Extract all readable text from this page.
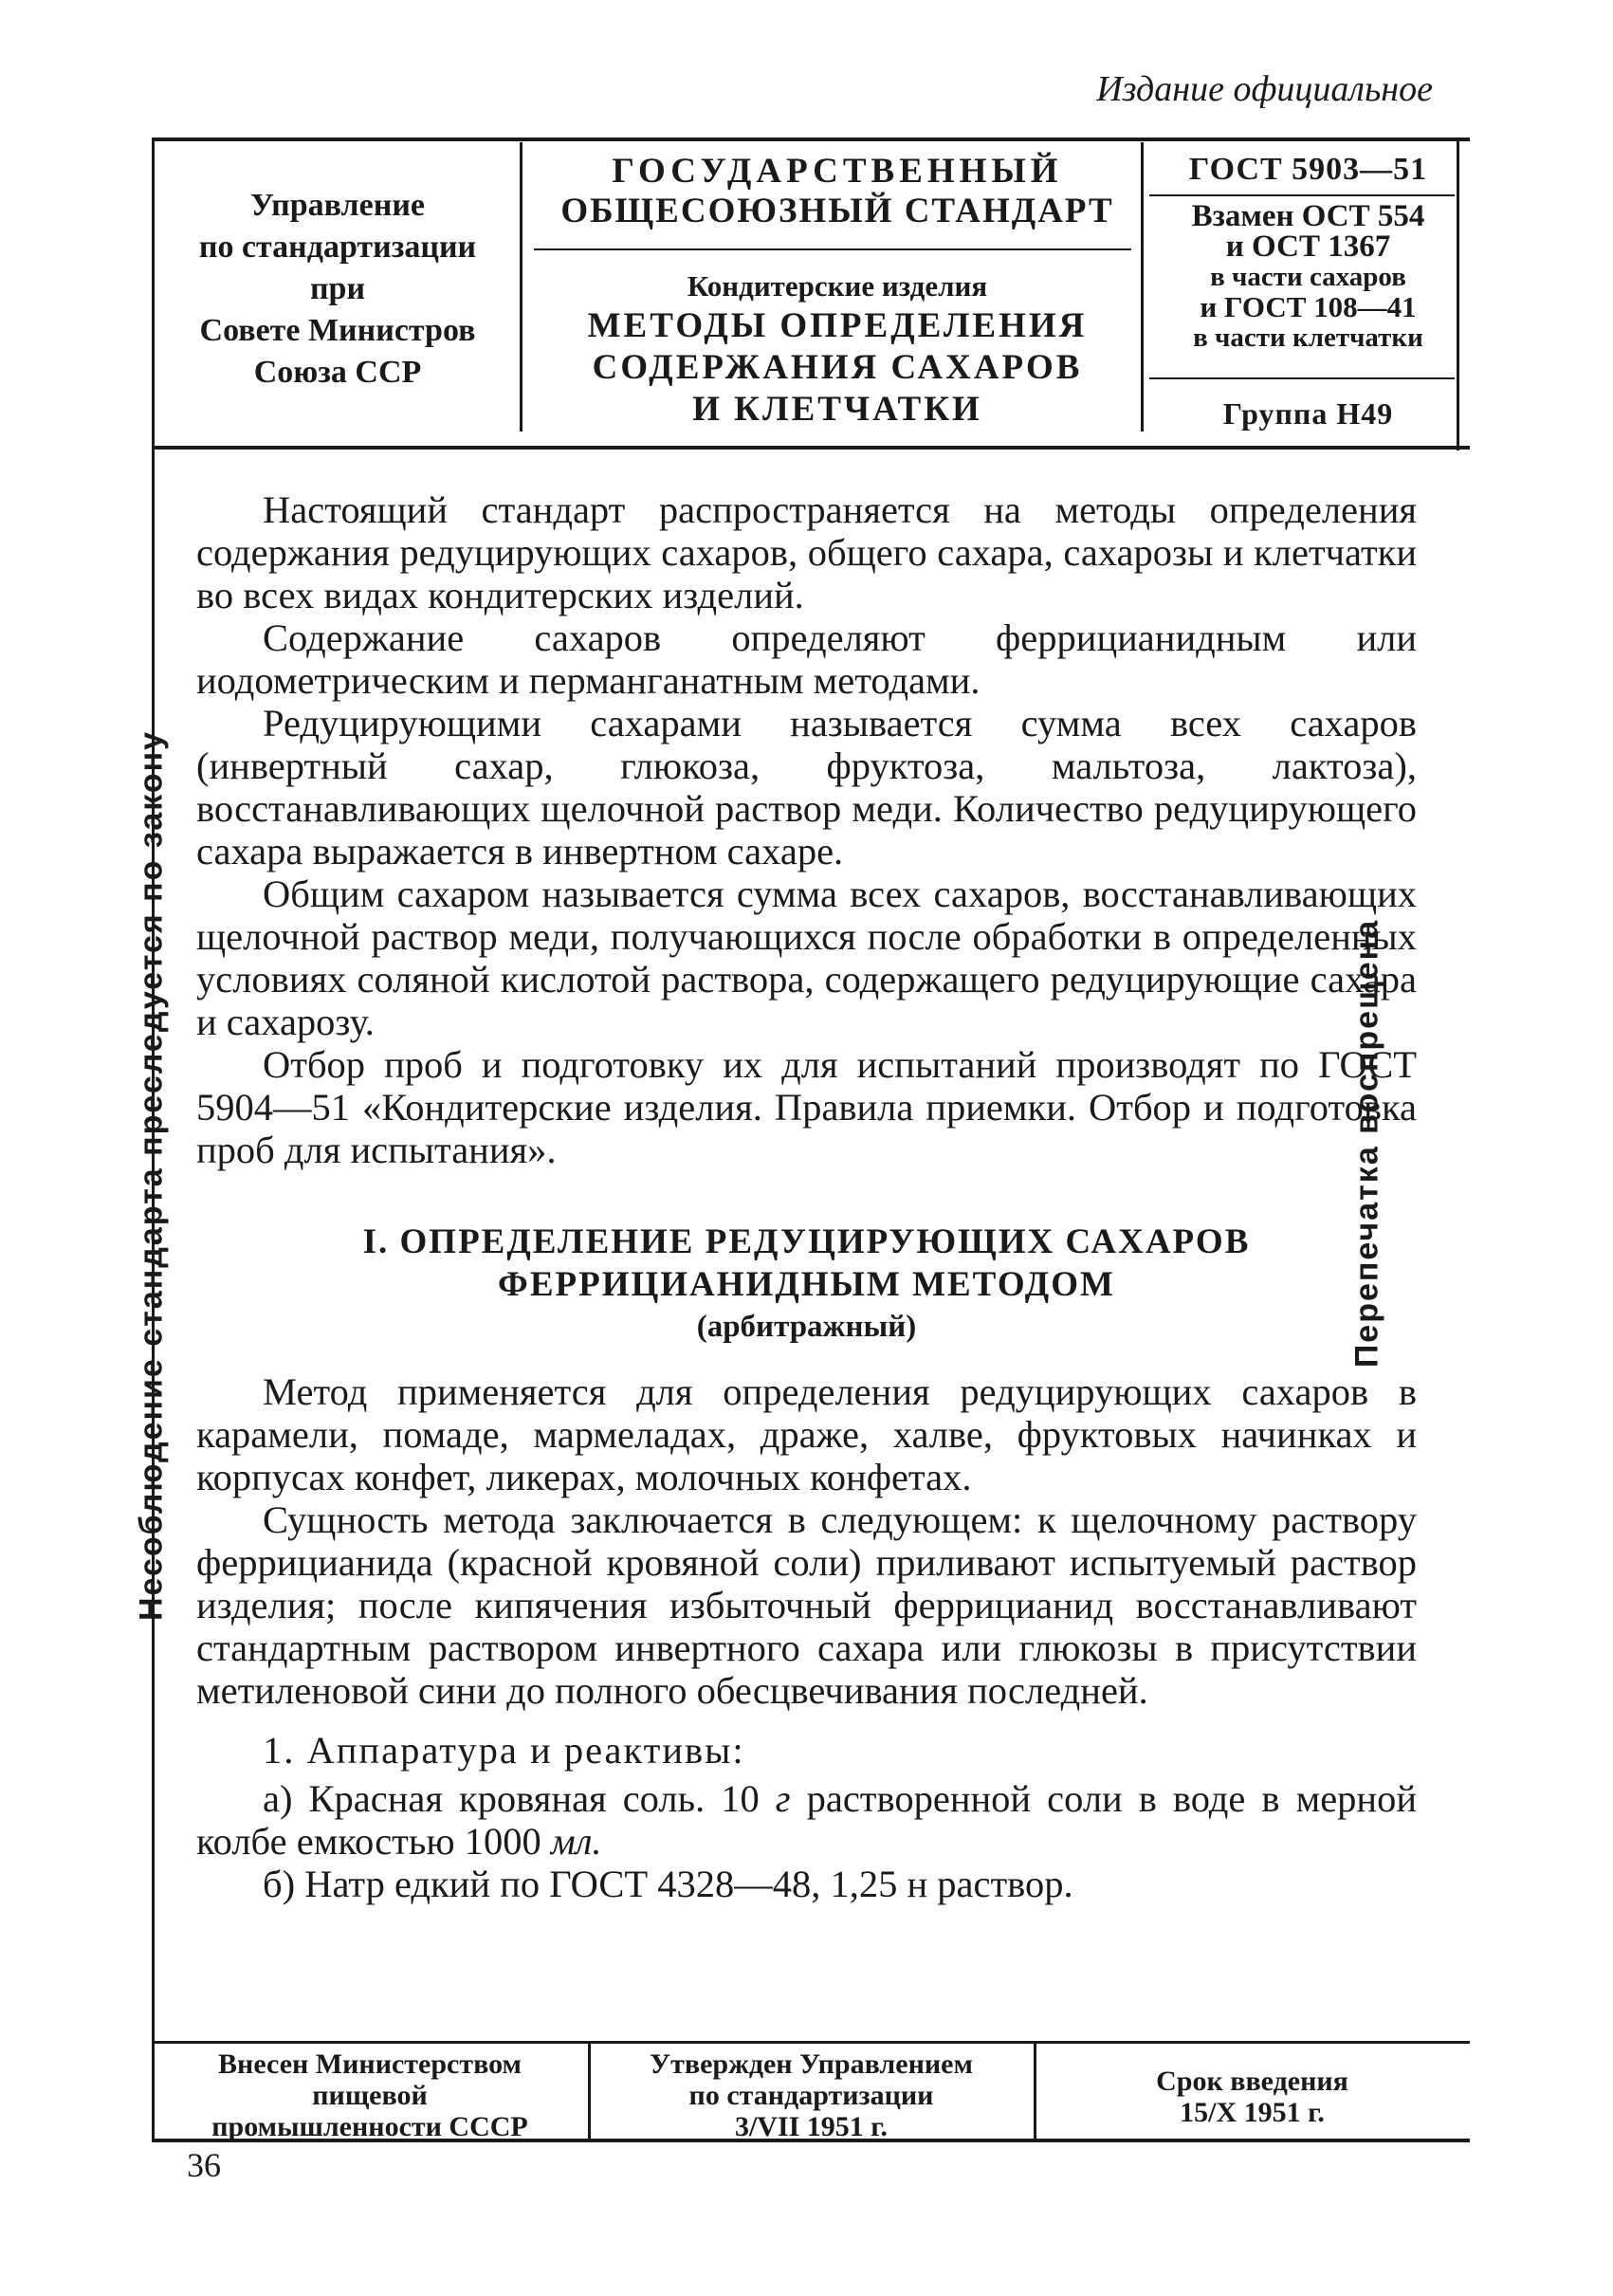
Издание официальное
Управление
по стандартизации
при
Совете Министров
Союза ССР
ГОСУДАРСТВЕННЫЙ
ОБЩЕСОЮЗНЫЙ СТАНДАРТ
Кондитерские изделия
МЕТОДЫ ОПРЕДЕЛЕНИЯ
СОДЕРЖАНИЯ САХАРОВ
И КЛЕТЧАТКИ
ГОСТ 5903—51
Взамен ОСТ 554
и ОСТ 1367
в части сахаров
и ГОСТ 108—41
в части клетчатки
Группа Н49

Настоящий стандарт распространяется на методы определения содержания редуцирующих сахаров, общего сахара, сахарозы и клетчатки во всех видах кондитерских изделий.

Содержание сахаров определяют феррицианидным или иодометрическим и перманганатным методами.

Редуцирующими сахарами называется сумма всех сахаров (инвертный сахар, глюкоза, фруктоза, мальтоза, лактоза), восстанавливающих щелочной раствор меди. Количество редуцирующего сахара выражается в инвертном сахаре.

Общим сахаром называется сумма всех сахаров, восстанавливающих щелочной раствор меди, получающихся после обработки в определенных условиях соляной кислотой раствора, содержащего редуцирующие сахара и сахарозу.

Отбор проб и подготовку их для испытаний производят по ГОСТ 5904—51 «Кондитерские изделия. Правила приемки. Отбор и подготовка проб для испытания».

I. ОПРЕДЕЛЕНИЕ РЕДУЦИРУЮЩИХ САХАРОВ
ФЕРРИЦИАНИДНЫМ МЕТОДОМ
(арбитражный)

Метод применяется для определения редуцирующих сахаров в карамели, помаде, мармеладах, драже, халве, фруктовых начинках и корпусах конфет, ликерах, молочных конфетах.

Сущность метода заключается в следующем: к щелочному раствору феррицианида (красной кровяной соли) приливают испытуемый раствор изделия; после кипячения избыточный феррицианид восстанавливают стандартным раствором инвертного сахара или глюкозы в присутствии метиленовой сини до полного обесцвечивания последней.

1. Аппаратура и реактивы:

а) Красная кровяная соль. 10 г растворенной соли в воде в мерной колбе емкостью 1000 мл.

б) Натр едкий по ГОСТ 4328—48, 1,25 н раствор.

Внесен Министерством
пищевой
промышленности СССР
Утвержден Управлением
по стандартизации
3/VII 1951 г.
Срок введения
15/X 1951 г.
36
Несоблюдение стандарта преследуется по закону	Перепечатка воспрещена
